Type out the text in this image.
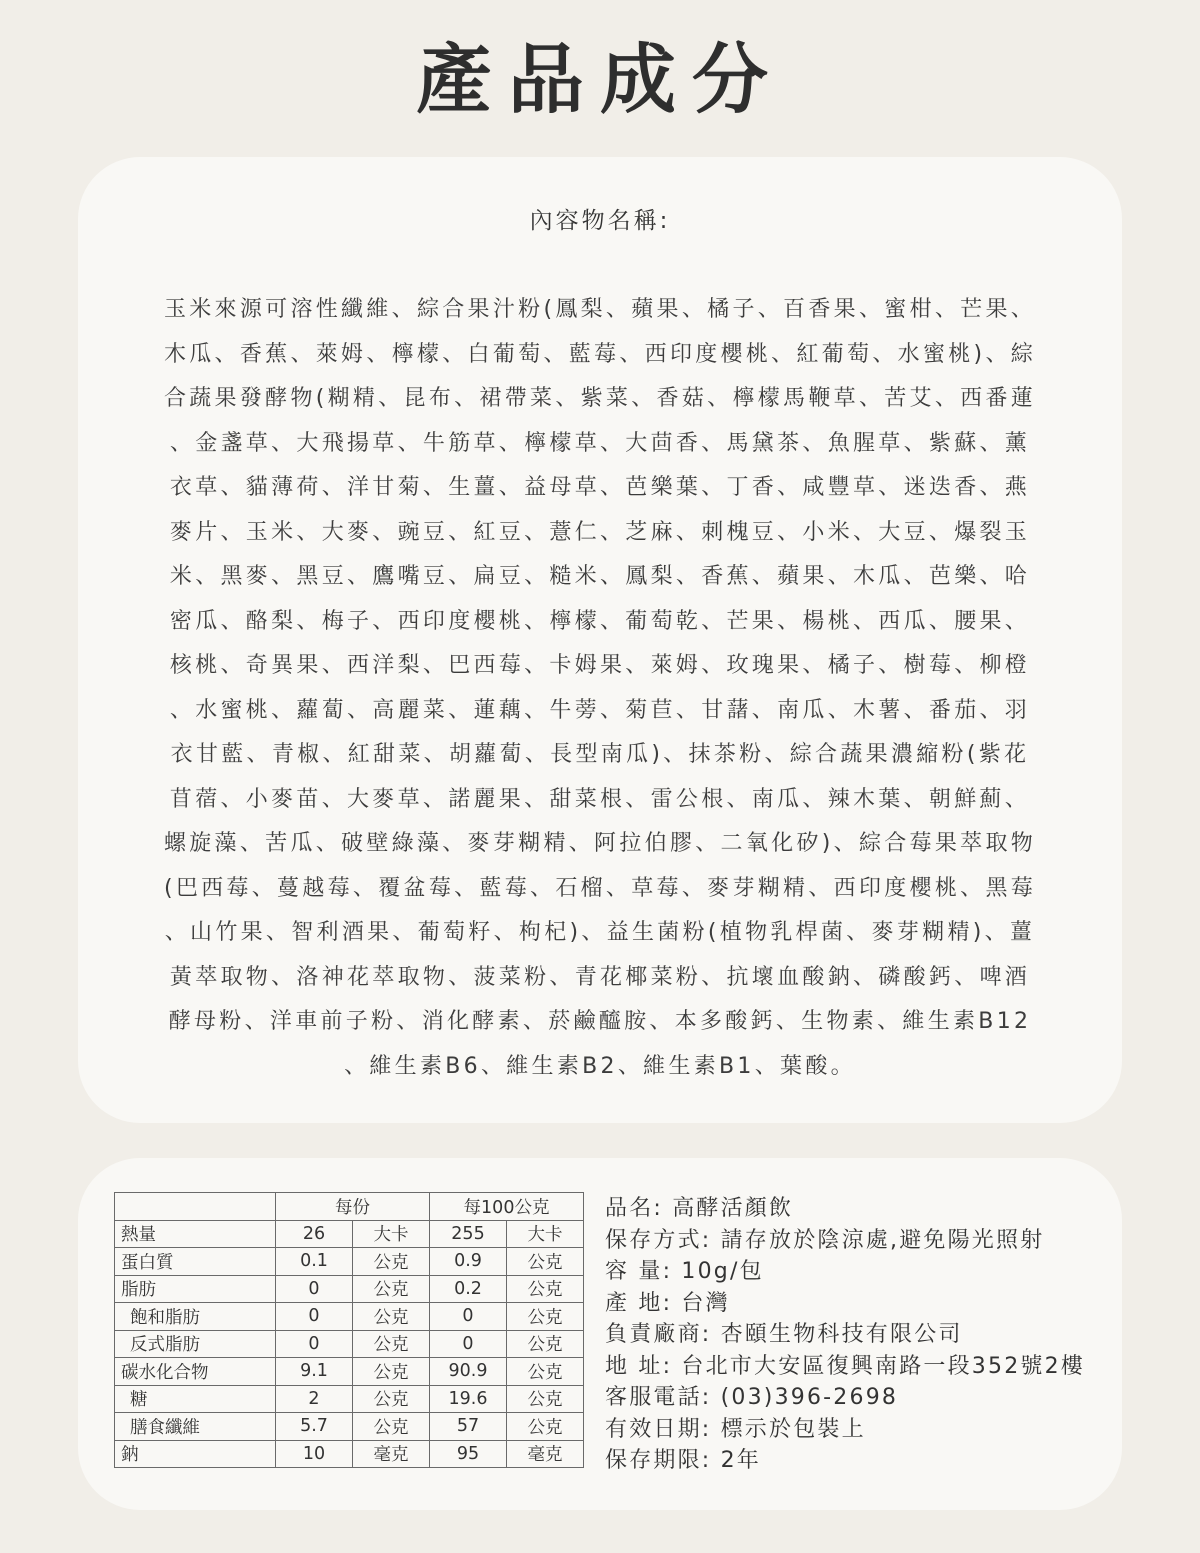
產品成分
內容物名稱:
玉米來源可溶性纖維、綜合果汁粉(鳳梨、蘋果、橘子、百香果、蜜柑、芒果、
木瓜、香蕉、萊姆、檸檬、白葡萄、藍莓、西印度櫻桃、紅葡萄、水蜜桃)、綜
合蔬果發酵物(糊精、昆布、裙帶菜、紫菜、香菇、檸檬馬鞭草、苦艾、西番蓮
、金盞草、大飛揚草、牛筋草、檸檬草、大茴香、馬黛茶、魚腥草、紫蘇、薰
衣草、貓薄荷、洋甘菊、生薑、益母草、芭樂葉、丁香、咸豐草、迷迭香、燕
麥片、玉米、大麥、豌豆、紅豆、薏仁、芝麻、刺槐豆、小米、大豆、爆裂玉
米、黑麥、黑豆、鷹嘴豆、扁豆、糙米、鳳梨、香蕉、蘋果、木瓜、芭樂、哈
密瓜、酪梨、梅子、西印度櫻桃、檸檬、葡萄乾、芒果、楊桃、西瓜、腰果、
核桃、奇異果、西洋梨、巴西莓、卡姆果、萊姆、玫瑰果、橘子、樹莓、柳橙
、水蜜桃、蘿蔔、高麗菜、蓮藕、牛蒡、菊苣、甘藷、南瓜、木薯、番茄、羽
衣甘藍、青椒、紅甜菜、胡蘿蔔、長型南瓜)、抹茶粉、綜合蔬果濃縮粉(紫花
苜蓿、小麥苗、大麥草、諾麗果、甜菜根、雷公根、南瓜、辣木葉、朝鮮薊、
螺旋藻、苦瓜、破壁綠藻、麥芽糊精、阿拉伯膠、二氧化矽)、綜合莓果萃取物
(巴西莓、蔓越莓、覆盆莓、藍莓、石榴、草莓、麥芽糊精、西印度櫻桃、黑莓
、山竹果、智利酒果、葡萄籽、枸杞)、益生菌粉(植物乳桿菌、麥芽糊精)、薑
黃萃取物、洛神花萃取物、菠菜粉、青花椰菜粉、抗壞血酸鈉、磷酸鈣、啤酒
酵母粉、洋車前子粉、消化酵素、菸鹼醯胺、本多酸鈣、生物素、維生素B12
、維生素B6、維生素B2、維生素B1、葉酸。
	每份		每100公克	
熱量	26	大卡	255	大卡
蛋白質	0.1	公克	0.9	公克
脂肪	0	公克	0.2	公克
飽和脂肪	0	公克	0	公克
反式脂肪	0	公克	0	公克
碳水化合物	9.1	公克	90.9	公克
糖	2	公克	19.6	公克
膳食纖維	5.7	公克	57	公克
鈉	10	毫克	95	毫克
品名: 高酵活顏飲
保存方式: 請存放於陰涼處,避免陽光照射
容 量: 10g/包
產 地: 台灣
負責廠商: 杏頤生物科技有限公司
地 址: 台北市大安區復興南路一段352號2樓
客服電話: (03)396-2698
有效日期: 標示於包裝上
保存期限: 2年
